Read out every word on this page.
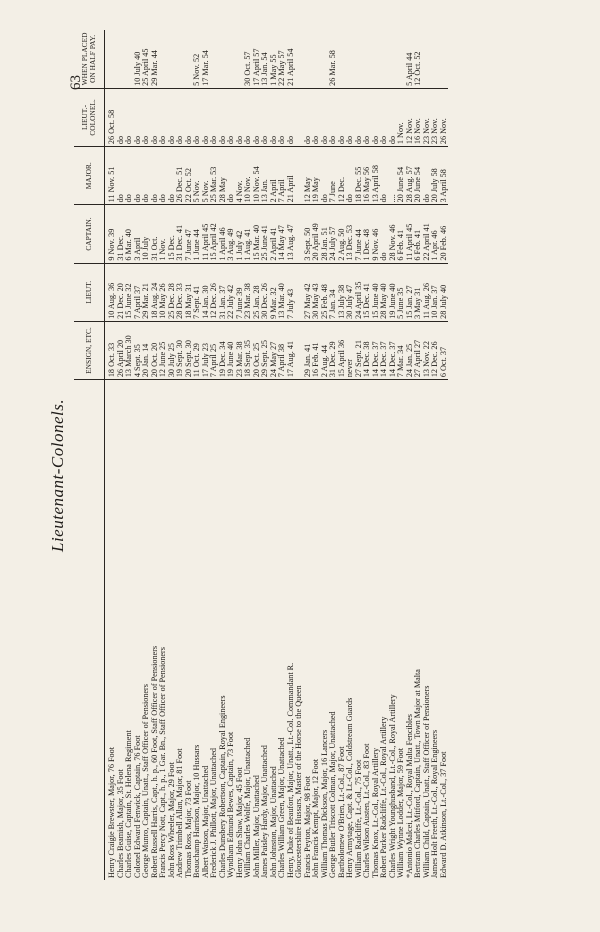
63
Lieutenant-Colonels.
	ENSIGN, ETC.	LIEUT.	CAPTAIN.	MAJOR.	LIEUT.-COLONEL.	WHEN PLACED ON HALF PAY.
Henry Craigie Brewster, Major, 76 Foot	18 Oct. 33	10 Aug. 36	9 Nov. 39	11 Nov. 51	26 Oct. 58	
Charles Beamish, Major, 35 Foot	26 April 20	21 Dec. 20	31 Dec.	do	do	
Charles Guise, Captain, St. Helena Regiment	13 March 30	15 June 32	6 Mar. 40	do	do	
Colonel Edward Fenwick, Captain, 76 Foot	4 Sept. 35	7 April 37	3 April	do	do	10 July 40
George Munro, Captain, Unatt., Staff Officer of Pensioners	20 Jan. 14	29 Mar. 21	10 July	do	do	25 April 45
Robert Russell Harris, Capt., h. p., 60 Foot, Staff Officer of Pensioners	20 Oct. 20	18 Aug. 24	31 Oct.	do	do	29 Mar. 44
Francis Percy Nott, Capt., h. p., 1 Gar. Bn., Staff Officer of Pensioners	12 June 25	10 May 26	1 Nov.	do	do	
John Ross Wheeler, Major, 29 Foot	30 July 25	25 Dec. 28	15 Dec.	do	do	
Andrew Trimbell Allan, Major, 81 Foot	19 Sept. 30	28 Dec. 33	31 Dec. 41	26 Dec. 51	do	
Thomas Ross, Major, 73 Foot	20 Sept. 30	18 May 31	7 June 47	22 Oct. 52	do	
Beauchamp Harrison, Major, 10 Hussars	11 Oct. 29	7 Sept. 41	1 June 44	5 Nov.	do	5 Nov. 52
Albert Watson, Major, Unattached	17 July 23	14 Jan. 30	11 April 45	5 Nov.	do	17 Mar. 54
Frederick J. Phillott, Major, Unattached	7 April 25	12 Dec. 26	15 April 42	25 Mar. 53	do	
Charles Dunsbery Robertson, Captain, Royal Engineers	19 Dec. 34	31 Jan. 37	1 April 46	28 May	do	
Wyndham Edmund Bewes, Captain, 73 Foot	19 June 40	22 July 42	3 Aug. 49	do	do	
Henry John Shaw, Major, 45 Foot	23 Mar. 38	7 June 39	1 July 42	4 Nov.	do	
William Charles Wolfe, Major, Unattached	18 Sept. 35	23 Mar. 38	1 Aug. 41	10 Nov.	do	30 Oct. 57
John Miller, Major, Unattached	20 Oct. 25	25 Jan. 28	15 Mar. 40	10 Nov. 54	do	17 April 57
James Paisley Hardy, Major, Unattached	29 Sept. 25	30 Dec. 26	25 June 41	13 Jan.	do	13 Jan. 54
John Johnston, Major, Unattached	24 May 27	9 Mar. 32	2 April 41	2 April	do	1 May 55
Charles William Green, Major, Unattached	7 April 38	13 Mar. 40	14 May 47	7 April	do	22 May 57
Henry, Duke of Beaufort, Major, Unatt., Lt.-Col. Commandant R.	17 Aug. 41	7 July 43	13 Aug. 47	21 April	do	21 April 54
Gloucestershire Hussars, Master of the Horse to the Queen						
Francis Peyton, Major, 98 Foot	29 Jan. 41	27 May 42	3 Sept. 50	12 May	do	
John Francis Kempt, Major, 12 Foot	16 Feb. 41	30 May 43	20 April 49	19 May	do	
William Thomas Dickson, Major, 16 Lancers	2 Aug. 44	25 Feb. 48	28 Jan. 51	do	do	
George Butler Triscott Colman, Major, Unattached	31 Dec. 29	7 Jan. 34	24 July 57	7 June	do	26 Mar. 58
Bartholomew O'Brien, Lt.-Col., 87 Foot	15 April 36	13 July 38	2 Aug. 50	12 Dec.	do	
Henry Armytage, Capt. & Lt.-Col., Coldstream Guards	never	30 July 47	13 Dec. 53	do	do	
William Radcliffe, Lt.-Col., 75 Foot	27 Sept. 21	24 April 35	7 June 44	18 Dec. 55	do	
Charles Wilson Austen, Lt.-Col., 83 Foot	14 Dec. 38	15 Dec. 41	1 Dec. 48	16 May 56	do	
Thomas Knox, Lt.-Col., Royal Artillery	14 Dec. 37	15 June 40	9 Nov. 46	13 April 58	do	
Robert Parker Radcliffe, Lt.-Col., Royal Artillery	14 Dec. 37	28 May 40	do	do	do	
Charles Wright Younghusband, Lt.-Col., Royal Artillery	14 Dec. 37	19 June 40	28 Nov. 46	....	do	
William Wynne Lodder, Major, 59 Foot	7 Mar. 34	5 June 35	6 Feb. 41	20 June 54	1 Nov.	
*Antonio Malcei, Lt.-Col., Royal Malta Fencibles	24 Jan. 25	15 Jan. 27	11 April 45	28 Aug. 57	12 Nov.	5 April 44
Bertram Charles Mitford, Captain, Unatt., Town Major at Malta	27 April 27	3 May 31	6 Feb. 41	20 June 54	16 Nov.	12 Oct. 52
William Child, Captain, Unatt., Staff Officer of Pensioners	13 Nov. 22	11 Aug. 26	22 April 41	do	23 Nov.	
James Holt Freeth, Lt.-Col., Royal Engineers	12 Dec. 26	10 Jan. 37	1 Apr. 46	20 July 58	23 Nov.	
Edward D. Atkinson, Lt.-Col., 37 Foot	6 Oct. 37	28 July 40	20 Feb. 46	3 April 58	26 Nov.	
